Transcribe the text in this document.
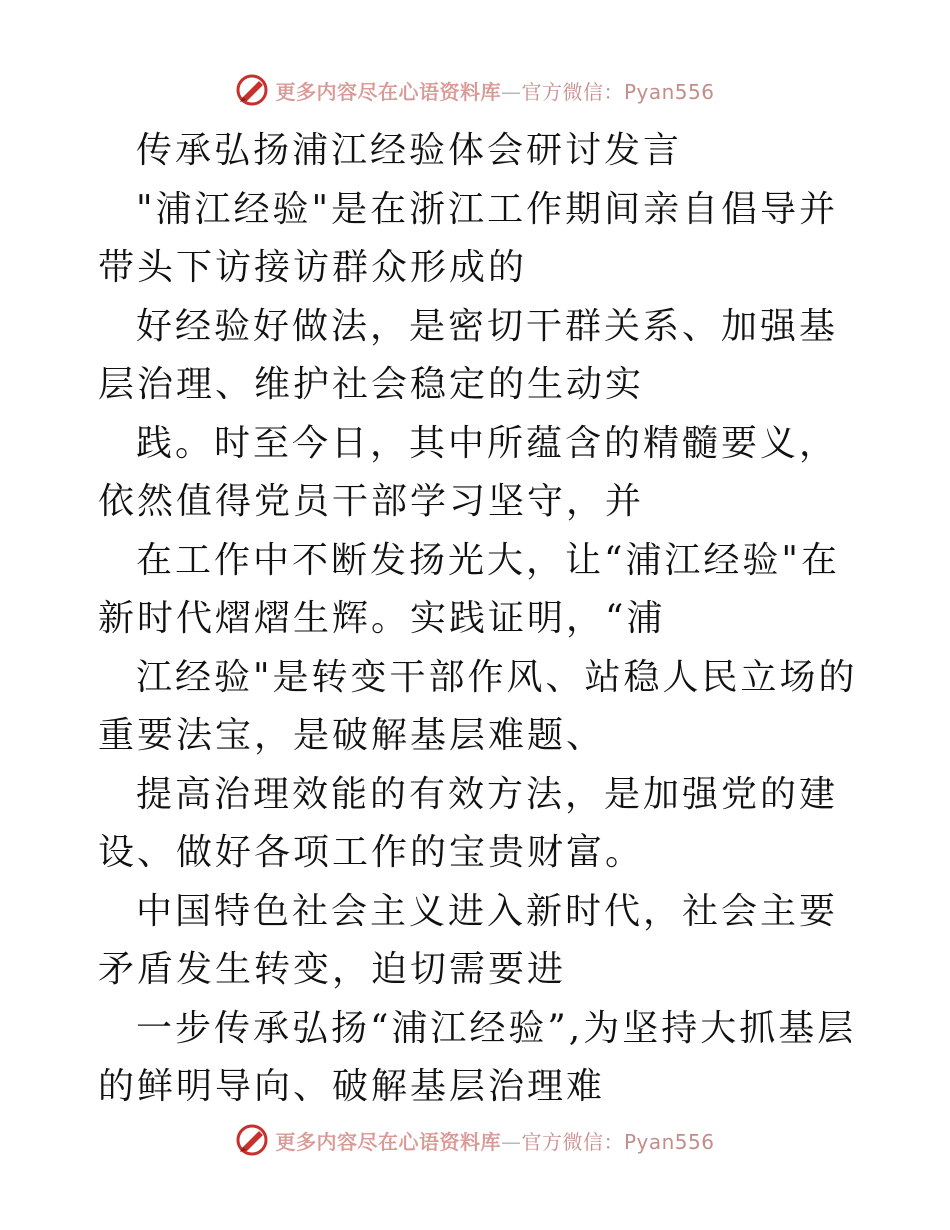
更多内容尽在心语资料库—官方微信：Pyan556

传承弘扬浦江经验体会研讨发言

"浦江经验"是在浙江工作期间亲自倡导并带头下访接访群众形成的

好经验好做法，是密切干群关系、加强基层治理、维护社会稳定的生动实

践。时至今日，其中所蕴含的精髓要义，依然值得党员干部学习坚守，并

在工作中不断发扬光大，让“浦江经验"在新时代熠熠生辉。实践证明，“浦

江经验"是转变干部作风、站稳人民立场的重要法宝，是破解基层难题、

提高治理效能的有效方法，是加强党的建设、做好各项工作的宝贵财富。

中国特色社会主义进入新时代，社会主要矛盾发生转变，迫切需要进

一步传承弘扬“浦江经验”,为坚持大抓基层的鲜明导向、破解基层治理难

更多内容尽在心语资料库—官方微信：Pyan556
